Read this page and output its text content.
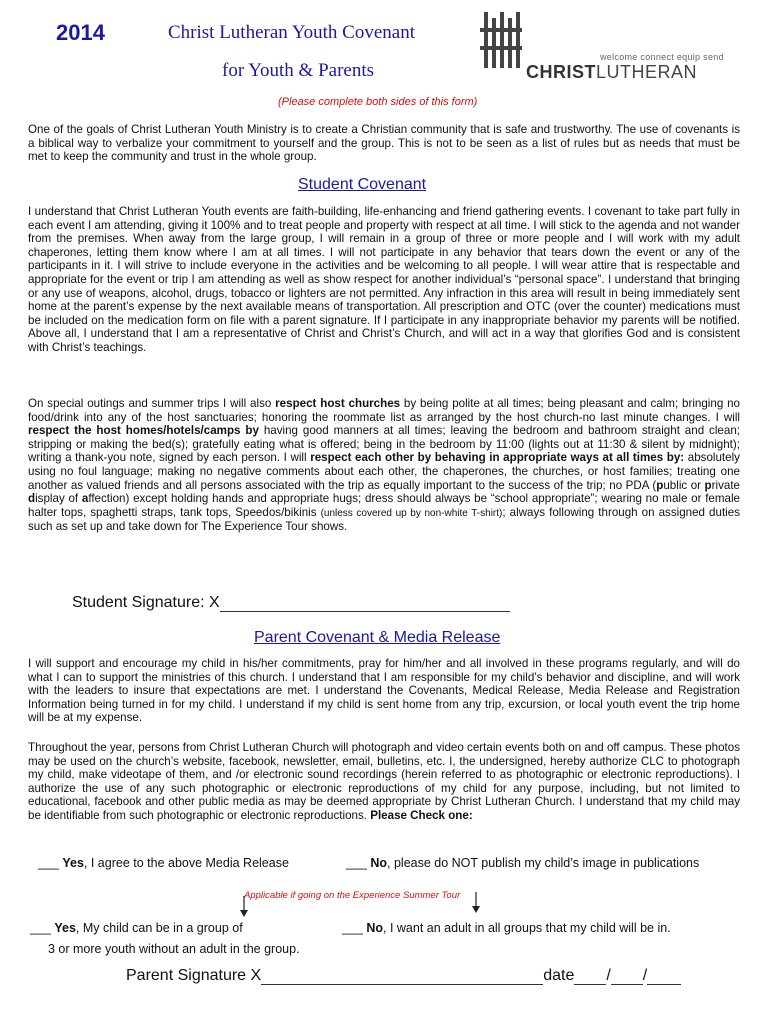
2014	Christ Lutheran Youth Covenant
for Youth & Parents
(Please complete both sides of this form)
welcome connect equip send
CHRISTLUTHERAN
One of the goals of Christ Lutheran Youth Ministry is to create a Christian community that is safe and trustworthy. The use of covenants is a biblical way to verbalize your commitment to yourself and the group. This is not to be seen as a list of rules but as needs that must be met to keep the community and trust in the whole group.
Student Covenant
I understand that Christ Lutheran Youth events are faith-building, life-enhancing and friend gathering events. I covenant to take part fully in each event I am attending, giving it 100% and to treat people and property with respect at all time. I will stick to the agenda and not wander from the premises. When away from the large group, I will remain in a group of three or more people and I will work with my adult chaperones, letting them know where I am at all times. I will not participate in any behavior that tears down the event or any of the participants in it. I will strive to include everyone in the activities and be welcoming to all people. I will wear attire that is respectable and appropriate for the event or trip I am attending as well as show respect for another individual’s “personal space”. I understand that bringing or any use of weapons, alcohol, drugs, tobacco or lighters are not permitted. Any infraction in this area will result in being immediately sent home at the parent’s expense by the next available means of transportation. All prescription and OTC (over the counter) medications must be included on the medication form on file with a parent signature. If I participate in any inappropriate behavior my parents will be notified. Above all, I understand that I am a representative of Christ and Christ’s Church, and will act in a way that glorifies God and is consistent with Christ’s teachings.
On special outings and summer trips I will also respect host churches by being polite at all times; being pleasant and calm; bringing no food/drink into any of the host sanctuaries; honoring the roommate list as arranged by the host church-no last minute changes. I will respect the host homes/hotels/camps by having good manners at all times; leaving the bedroom and bathroom straight and clean; stripping or making the bed(s); gratefully eating what is offered; being in the bedroom by 11:00 (lights out at 11:30 & silent by midnight); writing a thank-you note, signed by each person. I will respect each other by behaving in appropriate ways at all times by: absolutely using no foul language; making no negative comments about each other, the chaperones, the churches, or host families; treating one another as valued friends and all persons associated with the trip as equally important to the success of the trip; no PDA (public or private display of affection) except holding hands and appropriate hugs; dress should always be “school appropriate”; wearing no male or female halter tops, spaghetti straps, tank tops, Speedos/bikinis (unless covered up by non-white T-shirt); always following through on assigned duties such as set up and take down for The Experience Tour shows.
Student Signature: X
Parent Covenant & Media Release
I will support and encourage my child in his/her commitments, pray for him/her and all involved in these programs regularly, and will do what I can to support the ministries of this church. I understand that I am responsible for my child’s behavior and discipline, and will work with the leaders to insure that expectations are met. I understand the Covenants, Medical Release, Media Release and Registration Information being turned in for my child. I understand if my child is sent home from any trip, excursion, or local youth event the trip home will be at my expense.
Throughout the year, persons from Christ Lutheran Church will photograph and video certain events both on and off campus. These photos may be used on the church’s website, facebook, newsletter, email, bulletins, etc. I, the undersigned, hereby authorize CLC to photograph my child, make videotape of them, and /or electronic sound recordings (herein referred to as photographic or electronic reproductions). I authorize the use of any such photographic or electronic reproductions of my child for any purpose, including, but not limited to educational, facebook and other public media as may be deemed appropriate by Christ Lutheran Church. I understand that my child may be identifiable from such photographic or electronic reproductions. Please Check one:
___ Yes, I agree to the above Media Release	___ No, please do NOT publish my child’s image in publications
Applicable if going on the Experience Summer Tour
___ Yes, My child can be in a group of
3 or more youth without an adult in the group.
___ No, I want an adult in all groups that my child will be in.
Parent Signature X	date / /
